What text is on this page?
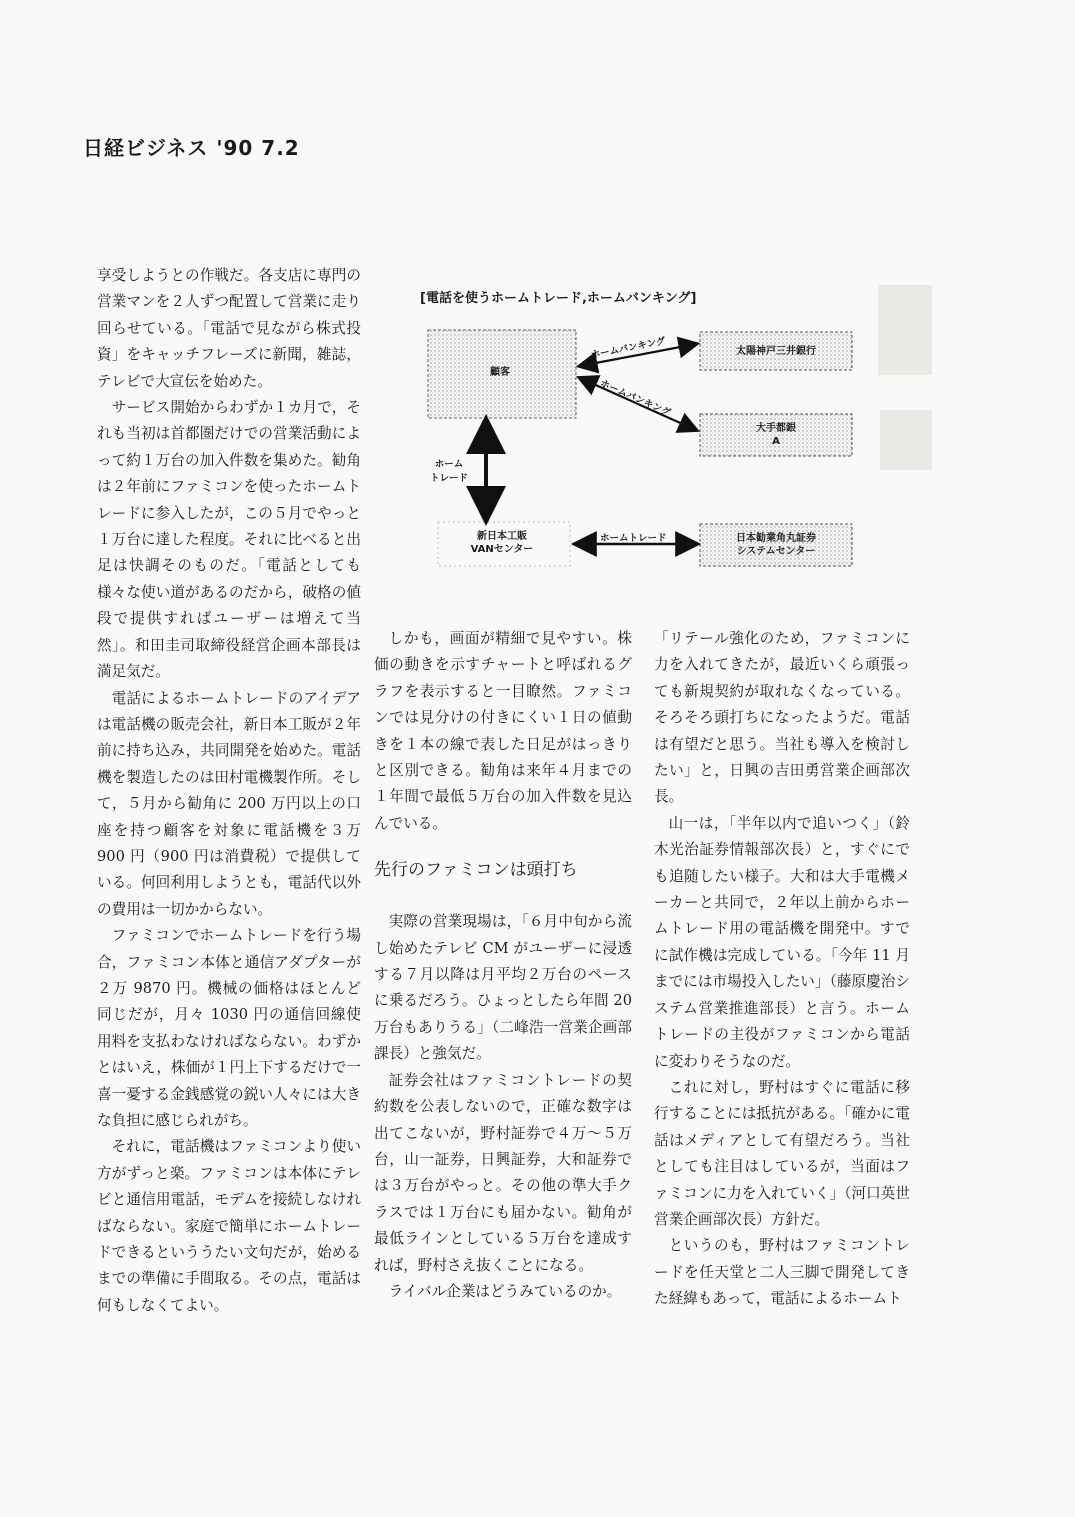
日経ビジネス '90 7.2

享受しようとの作戦だ。各支店に専門の営業マンを２人ずつ配置して営業に走り回らせている。「電話で見ながら株式投資」をキャッチフレーズに新聞，雑誌，テレビで大宣伝を始めた。

サービス開始からわずか１カ月で，それも当初は首都圏だけでの営業活動によって約１万台の加入件数を集めた。勧角は２年前にファミコンを使ったホームトレードに参入したが，この５月でやっと１万台に達した程度。それに比べると出足は快調そのものだ。「電話としても様々な使い道があるのだから，破格の値段で提供すればユーザーは増えて当然」。和田圭司取締役経営企画本部長は満足気だ。

電話によるホームトレードのアイデアは電話機の販売会社，新日本工販が２年前に持ち込み，共同開発を始めた。電話機を製造したのは田村電機製作所。そして，５月から勧角に 200 万円以上の口座を持つ顧客を対象に電話機を３万 900 円（900 円は消費税）で提供している。何回利用しようとも，電話代以外の費用は一切かからない。

ファミコンでホームトレードを行う場合，ファミコン本体と通信アダプターが２万 9870 円。機械の価格はほとんど同じだが，月々 1030 円の通信回線使用料を支払わなければならない。わずかとはいえ，株価が１円上下するだけで一喜一憂する金銭感覚の鋭い人々には大きな負担に感じられがち。

それに，電話機はファミコンより使い方がずっと楽。ファミコンは本体にテレビと通信用電話，モデムを接続しなければならない。家庭で簡単にホームトレードできるといううたい文句だが，始めるまでの準備に手間取る。その点，電話は何もしなくてよい。

[電話を使うホームトレード,ホームバンキング]
顧客
太陽神戸三井銀行
大手都銀
A
新日本工販
VANセンター
日本勧業角丸証券
システムセンター
ホームバンキング
ホームバンキング
ホーム
トレード
ホームトレード

しかも，画面が精細で見やすい。株価の動きを示すチャートと呼ばれるグラフを表示すると一目瞭然。ファミコンでは見分けの付きにくい１日の値動きを１本の線で表した日足がはっきりと区別できる。勧角は来年４月までの１年間で最低５万台の加入件数を見込んでいる。

先行のファミコンは頭打ち

実際の営業現場は，「６月中旬から流し始めたテレビ CM がユーザーに浸透する７月以降は月平均２万台のペースに乗るだろう。ひょっとしたら年間 20 万台もありうる」（二峰浩一営業企画部課長）と強気だ。

証券会社はファミコントレードの契約数を公表しないので，正確な数字は出てこないが，野村証券で４万～５万台，山一証券，日興証券，大和証券では３万台がやっと。その他の準大手クラスでは１万台にも届かない。勧角が最低ラインとしている５万台を達成すれば，野村さえ抜くことになる。

ライバル企業はどうみているのか。

「リテール強化のため，ファミコンに力を入れてきたが，最近いくら頑張っても新規契約が取れなくなっている。そろそろ頭打ちになったようだ。電話は有望だと思う。当社も導入を検討したい」と，日興の吉田勇営業企画部次長。

山一は，「半年以内で追いつく」（鈴木光治証券情報部次長）と，すぐにでも追随したい様子。大和は大手電機メーカーと共同で，２年以上前からホームトレード用の電話機を開発中。すでに試作機は完成している。「今年 11 月までには市場投入したい」（藤原慶治システム営業推進部長）と言う。ホームトレードの主役がファミコンから電話に変わりそうなのだ。

これに対し，野村はすぐに電話に移行することには抵抗がある。「確かに電話はメディアとして有望だろう。当社としても注目はしているが，当面はファミコンに力を入れていく」（河口英世営業企画部次長）方針だ。

というのも，野村はファミコントレードを任天堂と二人三脚で開発してきた経緯もあって，電話によるホームト
